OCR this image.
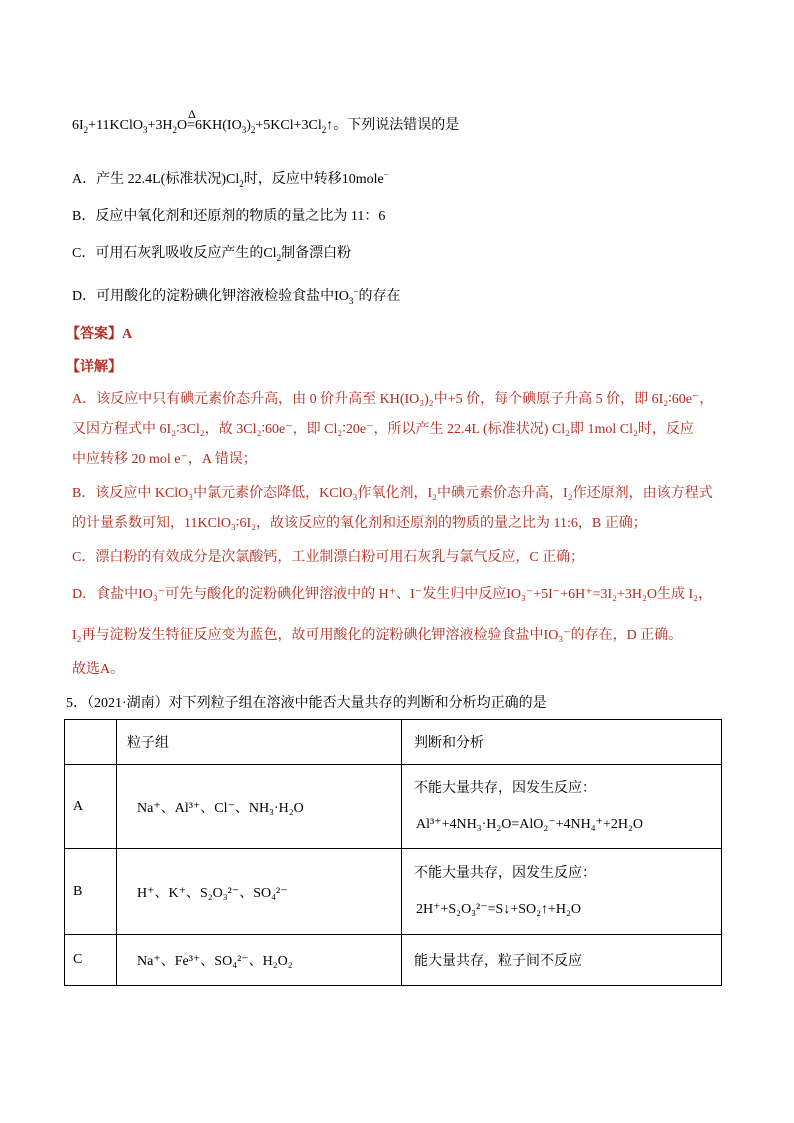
$6I_2+11KClO_3+3H_2O$
Δ
$=6KH(IO_3)_2+5KCl+3Cl_2↑$。下列说法错误的是
A．产生 22.4L(标准状况)$Cl_2$时，反应中转移10mole−
B．反应中氧化剂和还原剂的物质的量之比为 11：6
C．可用石灰乳吸收反应产生的$Cl_2$制备漂白粉
D．可用酸化的淀粉碘化钾溶液检验食盐中$IO_3^-$的存在
【答案】A
【详解】
A．该反应中只有碘元素价态升高，由 0 价升高至 KH(IO₃)₂中+5 价，每个碘原子升高 5 价，即 6I₂∶60e⁻，
又因方程式中 6I₂∶3Cl₂，故 3Cl₂∶60e⁻，即 Cl₂∶20e⁻，所以产生 22.4L (标准状况) Cl₂即 1mol Cl₂时，反应
中应转移 20 mol e⁻，A 错误；
B．该反应中 KClO₃中氯元素价态降低，KClO₃作氧化剂，I₂中碘元素价态升高，I₂作还原剂，由该方程式
的计量系数可知，11KClO₃∶6I₂，故该反应的氧化剂和还原剂的物质的量之比为 11:6，B 正确；
C．漂白粉的有效成分是次氯酸钙，工业制漂白粉可用石灰乳与氯气反应，C 正确；
D．食盐中IO₃⁻可先与酸化的淀粉碘化钾溶液中的 H⁺、I⁻发生归中反应IO₃⁻+5I⁻+6H⁺=3I₂+3H₂O生成 I₂，
I₂再与淀粉发生特征反应变为蓝色，故可用酸化的淀粉碘化钾溶液检验食盐中IO₃⁻的存在，D 正确。
故选A。
5．（2021·湖南）对下列粒子组在溶液中能否大量共存的判断和分析均正确的是
	粒子组	判断和分析
A	Na⁺、Al³⁺、Cl⁻、NH₃·H₂O	不能大量共存，因发生反应：
Al³⁺+4NH₃·H₂O=AlO₂⁻+4NH₄⁺+2H₂O

B	H⁺、K⁺、S₂O₃²⁻、SO₄²⁻	不能大量共存，因发生反应：
2H⁺+S₂O₃²⁻=S↓+SO₂↑+H₂O

C	Na⁺、Fe³⁺、SO₄²⁻、H₂O₂	能大量共存，粒子间不反应
